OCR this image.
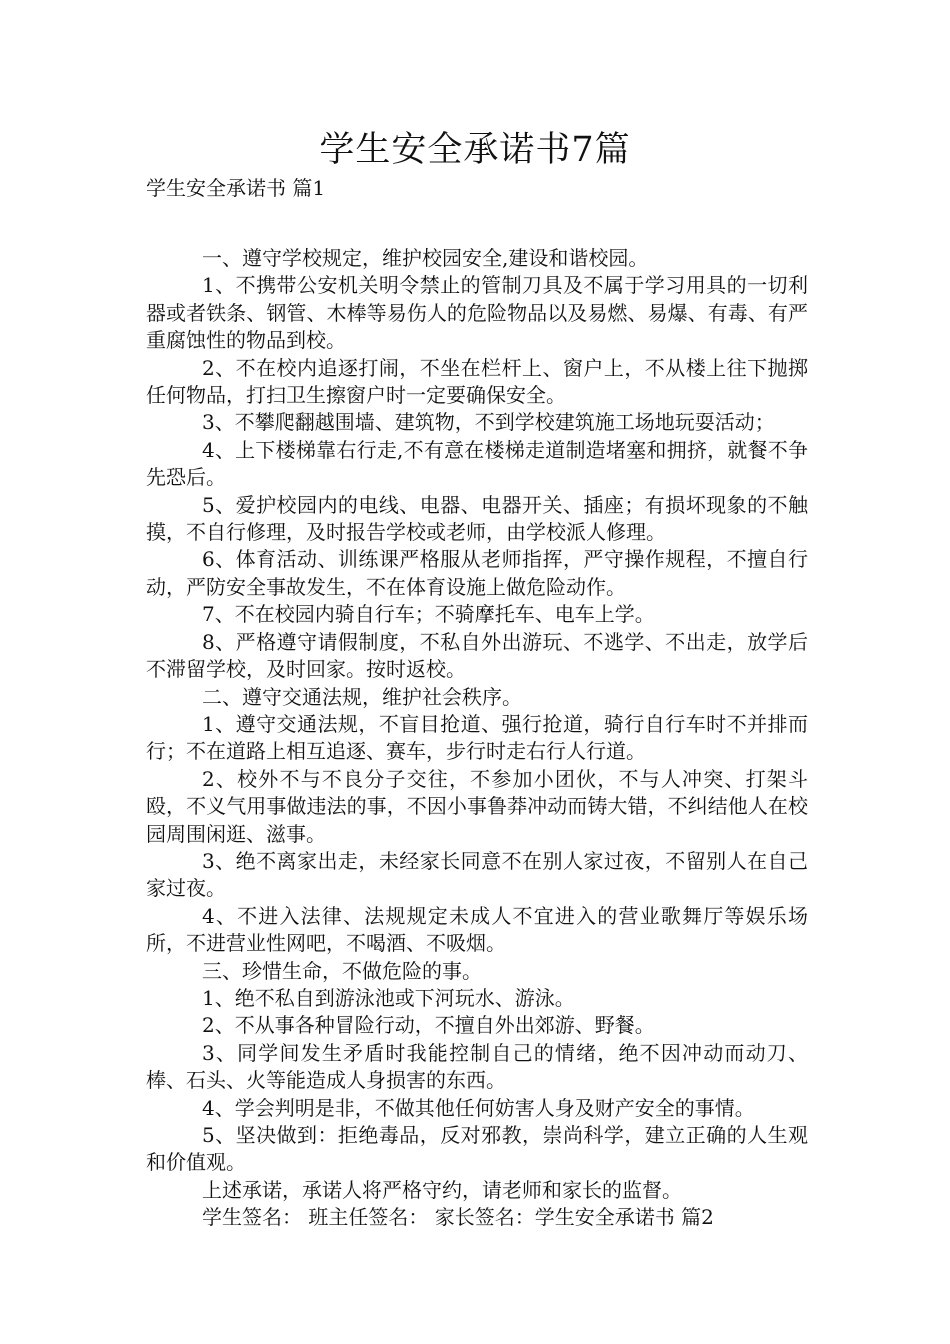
学生安全承诺书7篇
学生安全承诺书 篇1

一、遵守学校规定，维护校园安全,建设和谐校园。

1、不携带公安机关明令禁止的管制刀具及不属于学习用具的一切利器或者铁条、钢管、木棒等易伤人的危险物品以及易燃、易爆、有毒、有严重腐蚀性的物品到校。

2、不在校内追逐打闹，不坐在栏杆上、窗户上，不从楼上往下抛掷任何物品，打扫卫生擦窗户时一定要确保安全。

3、不攀爬翻越围墙、建筑物，不到学校建筑施工场地玩耍活动；

4、上下楼梯靠右行走,不有意在楼梯走道制造堵塞和拥挤，就餐不争先恐后。

5、爱护校园内的电线、电器、电器开关、插座；有损坏现象的不触摸，不自行修理，及时报告学校或老师，由学校派人修理。

6、体育活动、训练课严格服从老师指挥，严守操作规程，不擅自行动，严防安全事故发生，不在体育设施上做危险动作。

7、不在校园内骑自行车；不骑摩托车、电车上学。

8、严格遵守请假制度，不私自外出游玩、不逃学、不出走，放学后不滞留学校，及时回家。按时返校。

二、遵守交通法规，维护社会秩序。

1、遵守交通法规，不盲目抢道、强行抢道，骑行自行车时不并排而行；不在道路上相互追逐、赛车，步行时走右行人行道。

2、校外不与不良分子交往，不参加小团伙，不与人冲突、打架斗殴，不义气用事做违法的事，不因小事鲁莽冲动而铸大错，不纠结他人在校园周围闲逛、滋事。

3、绝不离家出走，未经家长同意不在别人家过夜，不留别人在自己家过夜。

4、不进入法律、法规规定未成人不宜进入的营业歌舞厅等娱乐场所，不进营业性网吧，不喝酒、不吸烟。

三、珍惜生命，不做危险的事。

1、绝不私自到游泳池或下河玩水、游泳。

2、不从事各种冒险行动，不擅自外出郊游、野餐。

3、同学间发生矛盾时我能控制自己的情绪，绝不因冲动而动刀、棒、石头、火等能造成人身损害的东西。

4、学会判明是非，不做其他任何妨害人身及财产安全的事情。

5、坚决做到：拒绝毒品，反对邪教，崇尚科学，建立正确的人生观和价值观。

上述承诺，承诺人将严格守约，请老师和家长的监督。

学生签名： 班主任签名： 家长签名：学生安全承诺书 篇2
